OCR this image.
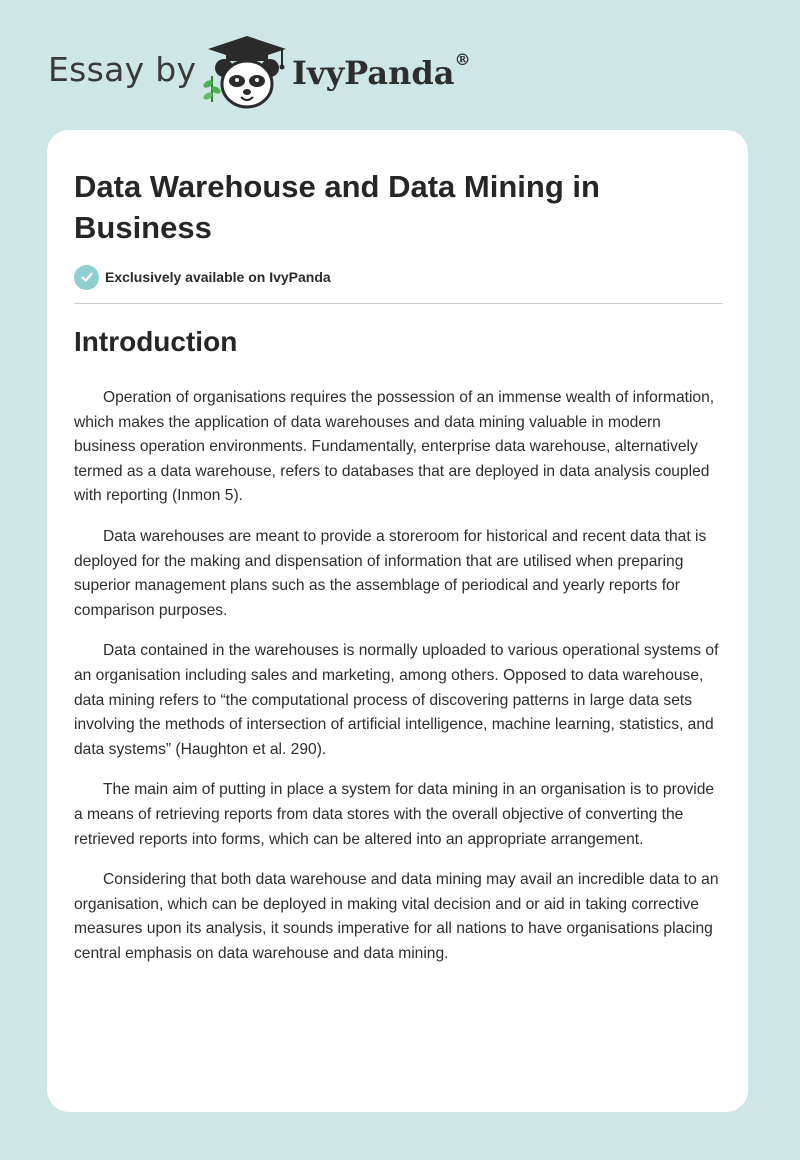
Essay by	IvyPanda®
Data Warehouse and Data Mining in Business
Exclusively available on IvyPanda
Introduction

Operation of organisations requires the possession of an immense wealth of information, which makes the application of data warehouses and data mining valuable in modern business operation environments. Fundamentally, enterprise data warehouse, alternatively termed as a data warehouse, refers to databases that are deployed in data analysis coupled with reporting (Inmon 5).

Data warehouses are meant to provide a storeroom for historical and recent data that is deployed for the making and dispensation of information that are utilised when preparing superior management plans such as the assemblage of periodical and yearly reports for comparison purposes.

Data contained in the warehouses is normally uploaded to various operational systems of an organisation including sales and marketing, among others. Opposed to data warehouse, data mining refers to “the computational process of discovering patterns in large data sets involving the methods of intersection of artificial intelligence, machine learning, statistics, and data systems” (Haughton et al. 290).

The main aim of putting in place a system for data mining in an organisation is to provide a means of retrieving reports from data stores with the overall objective of converting the retrieved reports into forms, which can be altered into an appropriate arrangement.

Considering that both data warehouse and data mining may avail an incredible data to an organisation, which can be deployed in making vital decision and or aid in taking corrective measures upon its analysis, it sounds imperative for all nations to have organisations placing central emphasis on data warehouse and data mining.
